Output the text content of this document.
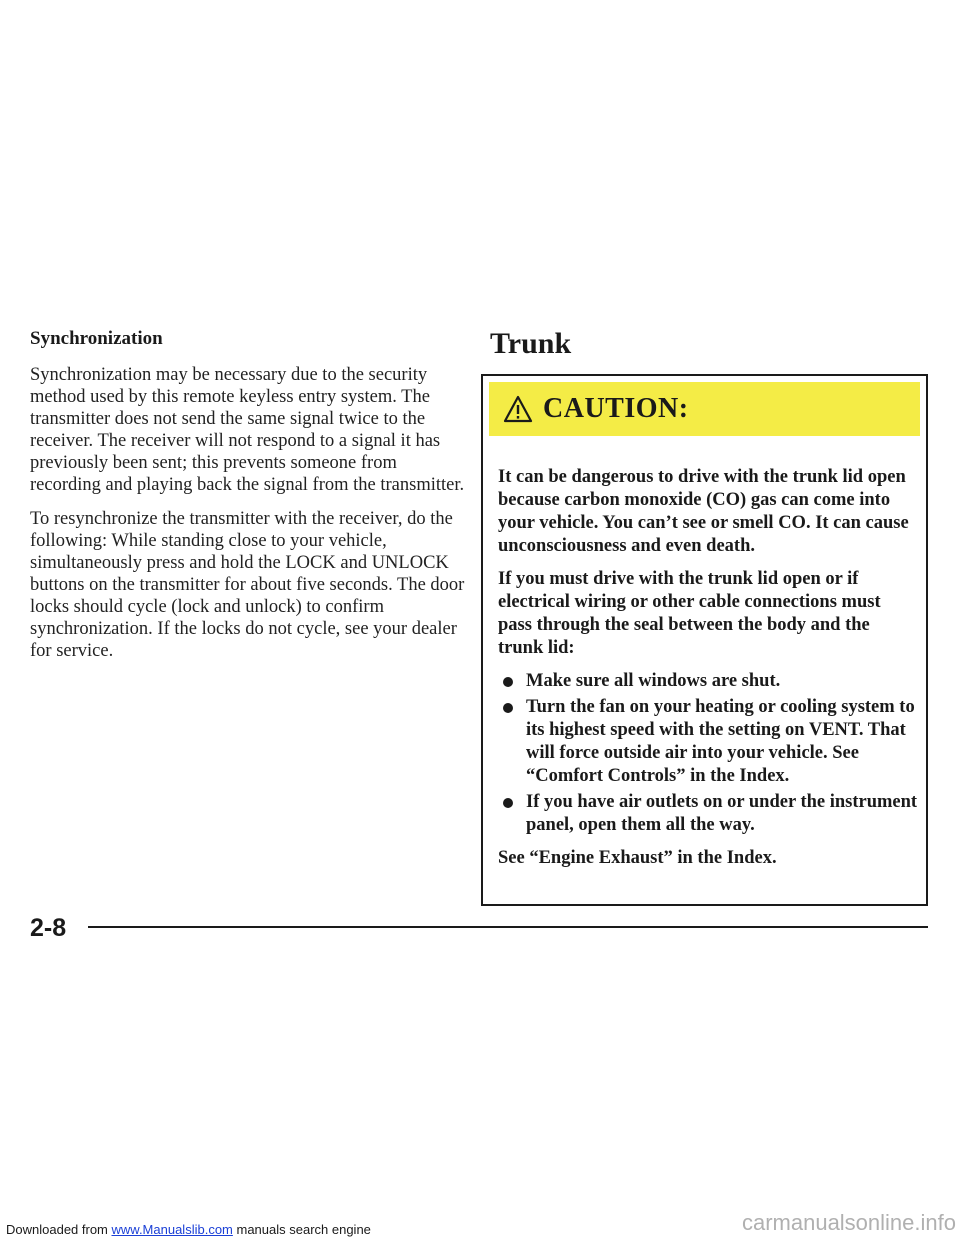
Synchronization

Synchronization may be necessary due to the security method used by this remote keyless entry system. The transmitter does not send the same signal twice to the receiver. The receiver will not respond to a signal it has previously been sent; this prevents someone from recording and playing back the signal from the transmitter.

To resynchronize the transmitter with the receiver, do the following: While standing close to your vehicle, simultaneously press and hold the LOCK and UNLOCK buttons on the transmitter for about five seconds. The door locks should cycle (lock and unlock) to confirm synchronization. If the locks do not cycle, see your dealer for service.

Trunk
CAUTION:

It can be dangerous to drive with the trunk lid open because carbon monoxide (CO) gas can come into your vehicle. You can’t see or smell CO. It can cause unconsciousness and even death.

If you must drive with the trunk lid open or if electrical wiring or other cable connections must pass through the seal between the body and the trunk lid:

Make sure all windows are shut.
Turn the fan on your heating or cooling system to its highest speed with the setting on VENT. That will force outside air into your vehicle. See “Comfort Controls” in the Index.
If you have air outlets on or under the instrument panel, open them all the way.

See “Engine Exhaust” in the Index.

2-8
Downloaded from www.Manualslib.com manuals search engine	carmanualsonline.info
